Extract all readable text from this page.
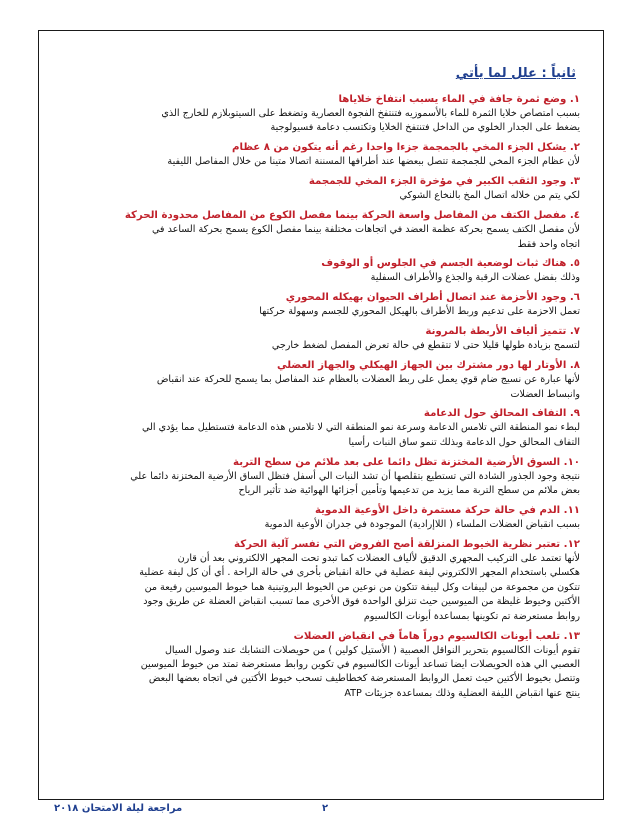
ثانياً : علل لما يأتي
١. وضع ثمرة جافة في الماء يسبب انتفاخ خلاياها

بسبب امتصاص خلايا الثمرة للماء بالأسموزيه فتنتفخ الفجوة العصارية وتضغط على السيتوبلازم للخارج الذي

يضغط على الجدار الخلوي من الداخل فتنتفخ الخلايا وتكتسب دعامة فسيولوجية

٢. يشكل الجزء المخي بالجمجمة جزءا واحدا رغم أنه يتكون من ٨ عظام

لأن عظام الجزء المخي للجمجمة تتصل ببعضها عند أطرافها المسننة اتصالا متينا من خلال المفاصل الليفية

٣. وجود الثقب الكبير في مؤخرة الجزء المخي للجمجمة

لكي يتم من خلاله اتصال المخ بالنخاع الشوكي

٤. مفصل الكتف من المفاصل واسعة الحركة بينما مفصل الكوع من المفاصل محدودة الحركة

لأن مفصل الكتف يسمح بحركة عظمة العضد في اتجاهات مختلفة بينما مفصل الكوع يسمح بحركة الساعد في

اتجاه واحد فقط

٥. هناك ثبات لوضعية الجسم في الجلوس أو الوقوف

وذلك بفضل عضلات الرقبة والجذع والأطراف السفلية

٦. وجود الأحزمة عند اتصال أطراف الحيوان بهيكله المحوري

تعمل الاحزمة على تدعيم وربط الأطراف بالهيكل المحوري للجسم وسهولة حركتها

٧. تتميز ألياف الأربطة بالمرونة

لتسمح بزيادة طولها قليلا حتى لا تتقطع في حالة تعرض المفصل لضغط خارجي

٨. الأوتار لها دور مشترك بين الجهاز الهيكلي والجهاز العضلي

لأنها عبارة عن نسيج ضام قوي يعمل على ربط العضلات بالعظام عند المفاصل بما يسمح للحركة عند انقباض

وانبساط العضلات

٩. التفاف المحالق حول الدعامة

لبطء نمو المنطقة التي تلامس الدعامة وسرعة نمو المنطقة التي لا تلامس هذه الدعامة فتستطيل مما يؤدي الي

التفاف المحالق حول الدعامة وبذلك تنمو ساق النبات رأسيا

١٠. السوق الأرضية المختزنة تظل دائما على بعد ملائم من سطح التربة

نتيجة وجود الجذور الشادة التي تستطيع بتقلصها أن تشد النبات الي أسفل فتظل الساق الأرضية المختزنة دائما علي

بعض ملائم من سطح التربة مما يزيد من تدعيمها وتأمين أجزائها الهوائية ضد تأثير الرياح

١١. الدم في حالة حركة مستمرة داخل الأوعية الدموية

بسبب انقباض العضلات الملساء ( اللاإرادية) الموجودة في جدران الأوعية الدموية

١٢. تعتبر نظرية الخيوط المنزلقة أصح الفروض التي تفسر آلية الحركة

لأنها تعتمد على التركيب المجهري الدقيق لألياف العضلات كما تبدو تحت المجهر الالكتروني بعد أن قارن

هكسلي باستخدام المجهر الالكتروني ليفة عضلية في حالة انقباض بأخرى في حالة الراحة . أي أن كل ليفة عضلية

تتكون من مجموعة من لييفات وكل لييفة تتكون من نوعين من الخيوط البروتينية هما خيوط الميوسين رفيعة من

الأكتين وخيوط غليظة من الميوسين حيث تنزلق الواحدة فوق الأخرى مما تسبب انقباض العضلة عن طريق وجود

روابط مستعرضة تم تكوينها بمساعدة أيونات الكالسيوم

١٣. تلعب أيونات الكالسيوم دوراً هاماً في انقباض العضلات

تقوم أيونات الكالسيوم بتحرير النواقل العصبية ( الأستيل كولين ) من حويصلات التشابك عند وصول السيال

العصبي الي هذه الحويصلات ايضا تساعد أيونات الكالسيوم في تكوين روابط مستعرضة تمتد من خيوط الميوسين

وتتصل بخيوط الأكتين حيث تعمل الروابط المستعرضة كخطاطيف تسحب خيوط الأكتين في اتجاه بعضها البعض

ينتج عنها انقباض الليفة العضلية وذلك بمساعدة جزيئات ATP

٢
مراجعة ليلة الامتحان ٢٠١٨
